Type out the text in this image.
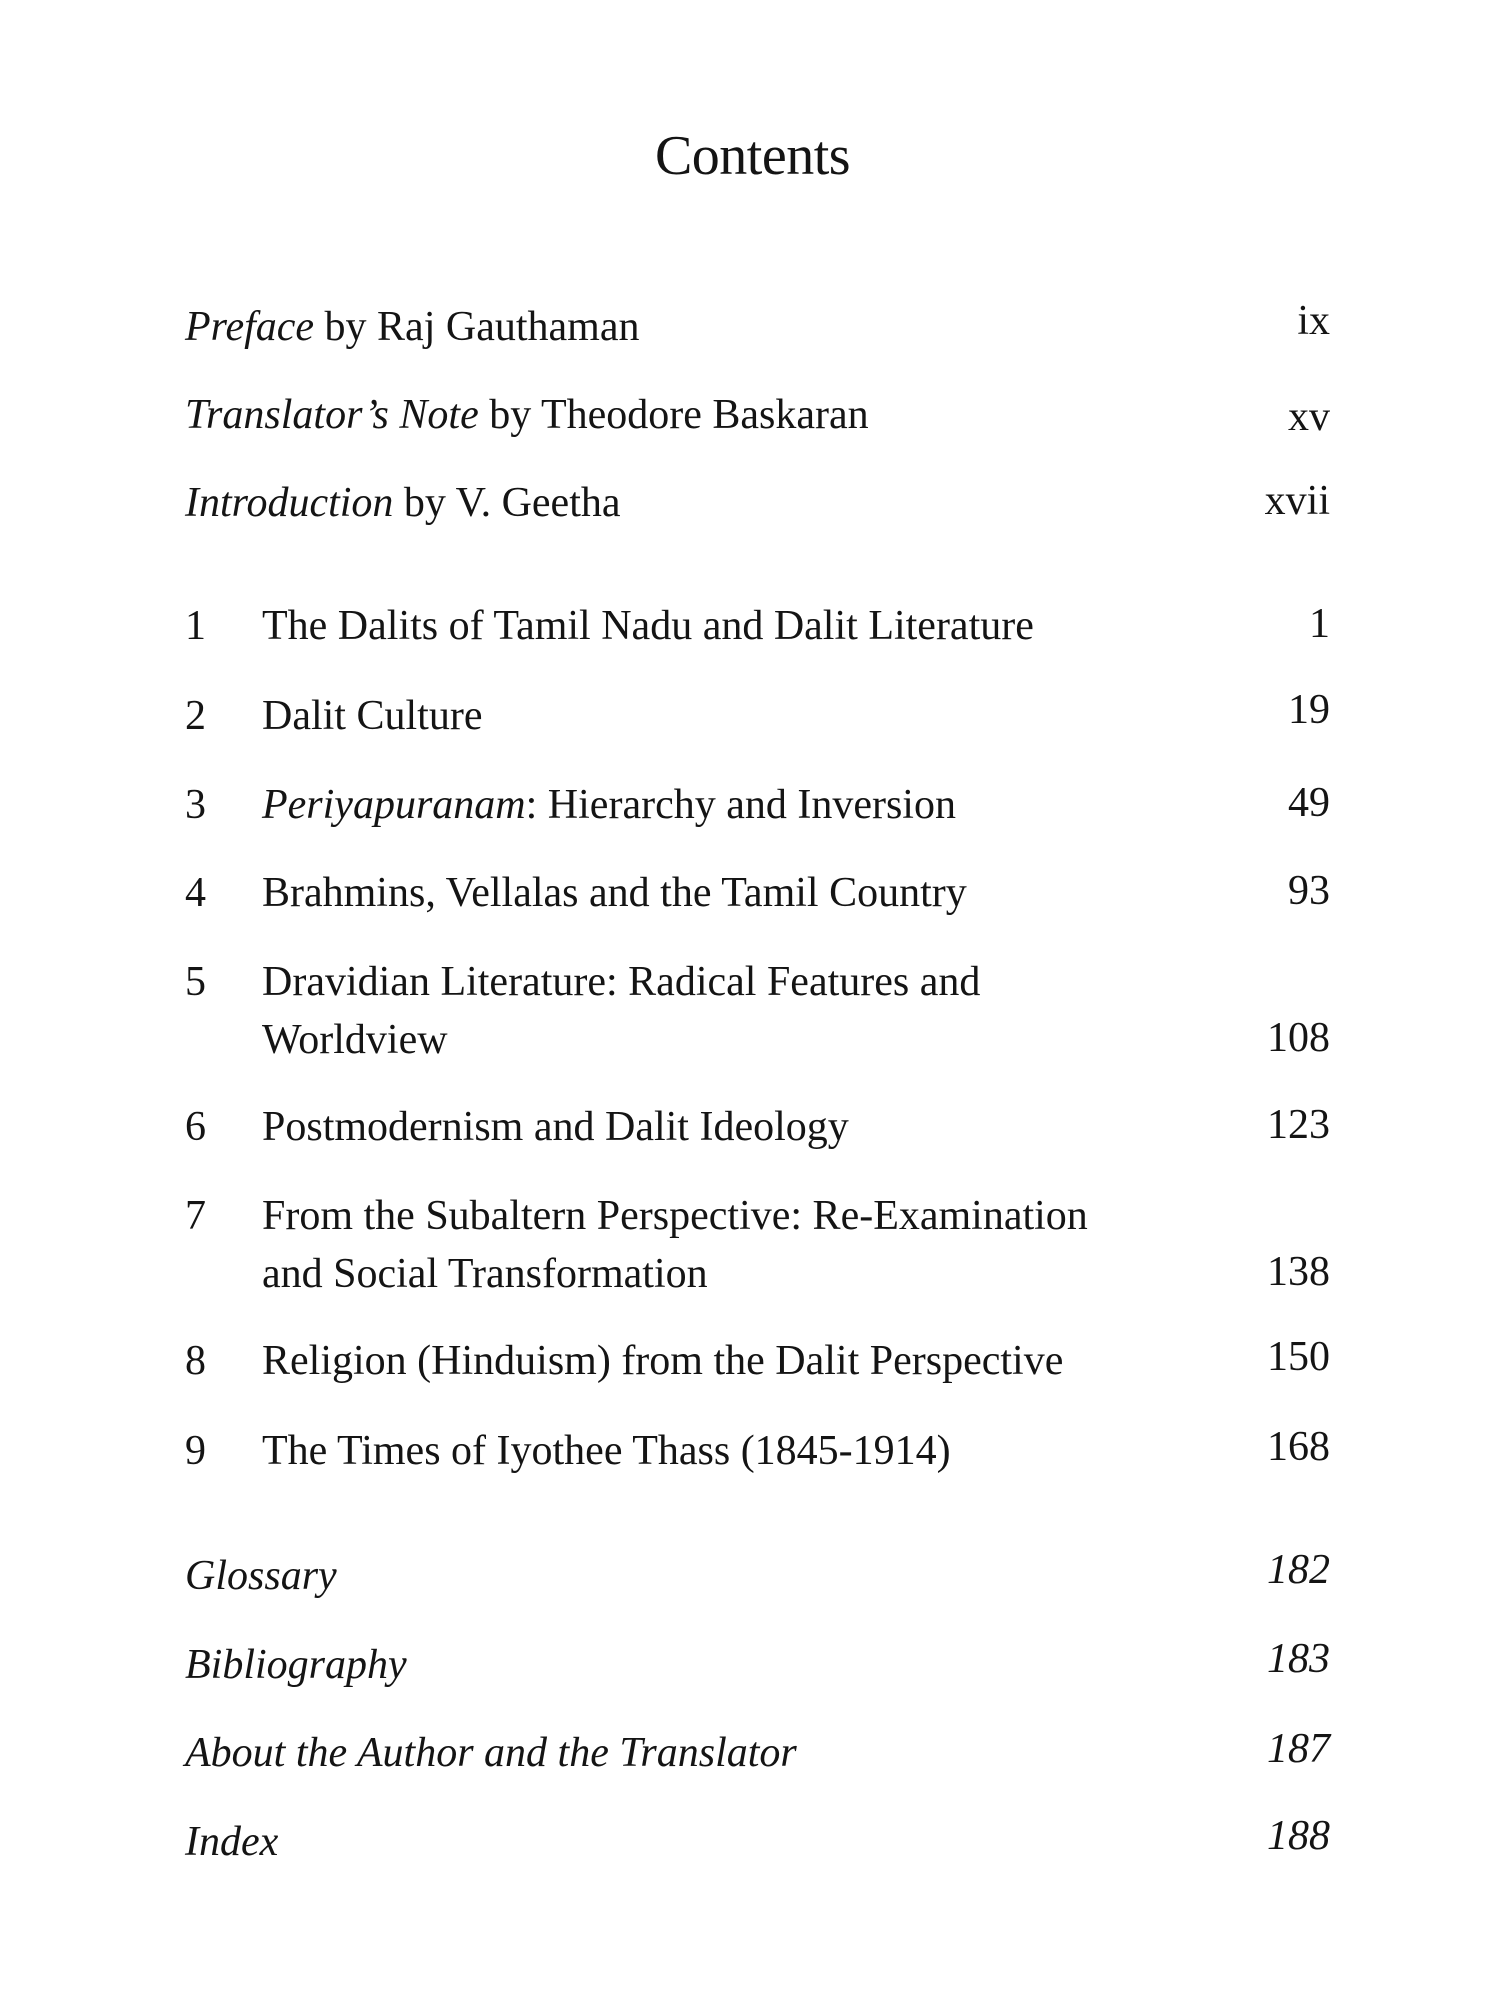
Contents
Preface by Raj Gauthaman	ix
Translator’s Note by Theodore Baskaran	xv
Introduction by V. Geetha	xvii
1 The Dalits of Tamil Nadu and Dalit Literature	1
2 Dalit Culture	19
3 Periyapuranam: Hierarchy and Inversion	49
4 Brahmins, Vellalas and the Tamil Country	93
5 Dravidian Literature: Radical Features and
Worldview	108
6 Postmodernism and Dalit Ideology	123
7 From the Subaltern Perspective: Re-Examination
and Social Transformation	138
8 Religion (Hinduism) from the Dalit Perspective	150
9 The Times of Iyothee Thass (1845-1914)	168
Glossary	182
Bibliography	183
About the Author and the Translator	187
Index	188
